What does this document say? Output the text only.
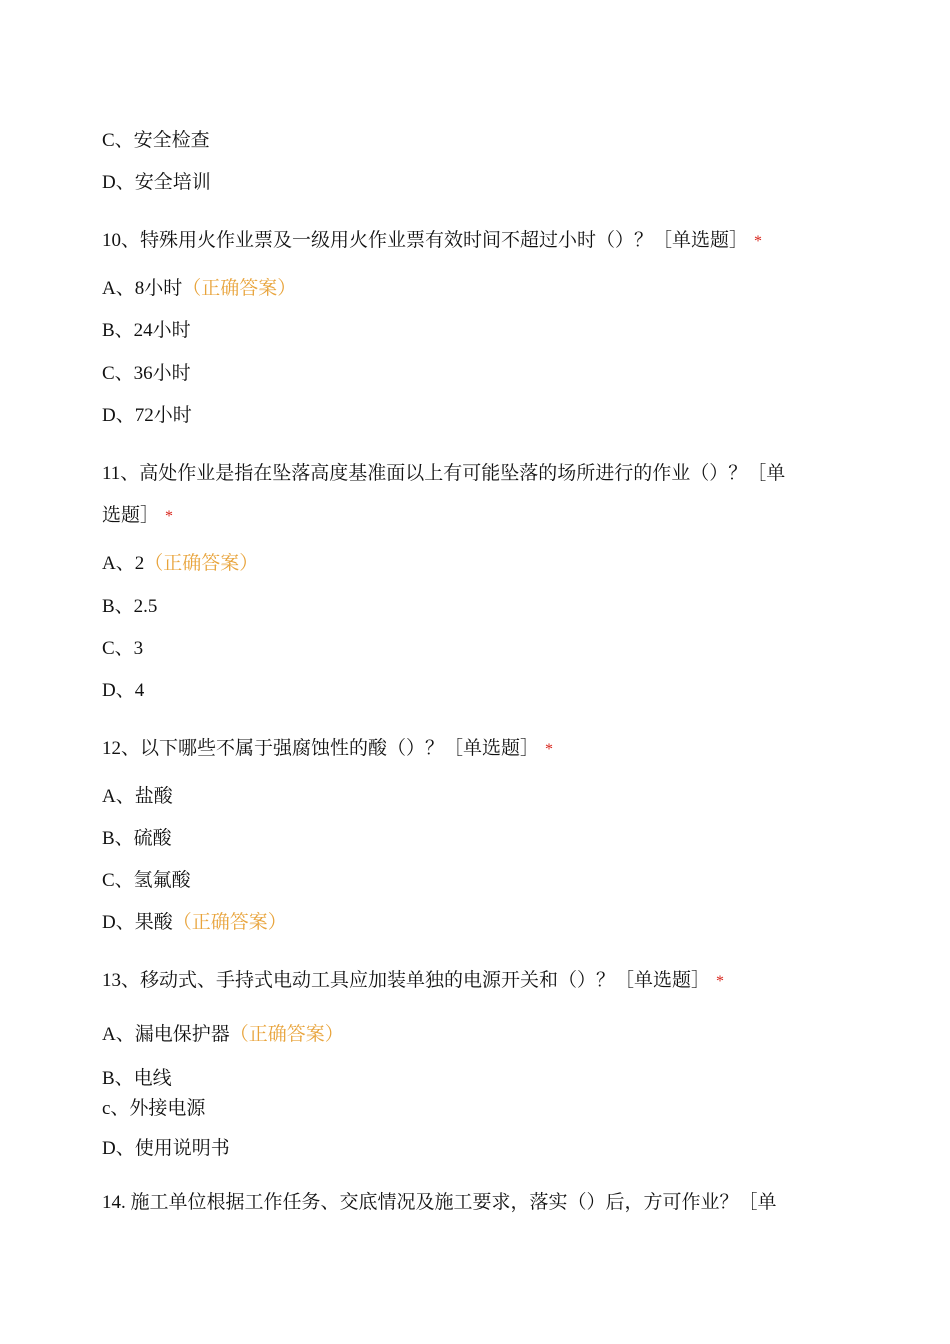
C、安全检查
D、安全培训
10、特殊用火作业票及一级用火作业票有效时间不超过小时（）？［单选题］ *
A、8小时（正确答案）
B、24小时
C、36小时
D、72小时
11、高处作业是指在坠落高度基准面以上有可能坠落的场所进行的作业（）？［单
选题］ *
A、2（正确答案）
B、2.5
C、3
D、4
12、以下哪些不属于强腐蚀性的酸（）？［单选题］ *
A、盐酸
B、硫酸
C、氢氟酸
D、果酸（正确答案）
13、移动式、手持式电动工具应加装单独的电源开关和（）？［单选题］ *
A、漏电保护器（正确答案）
B、电线
c、外接电源
D、使用说明书
14. 施工单位根据工作任务、交底情况及施工要求，落实（）后，方可作业？［单
